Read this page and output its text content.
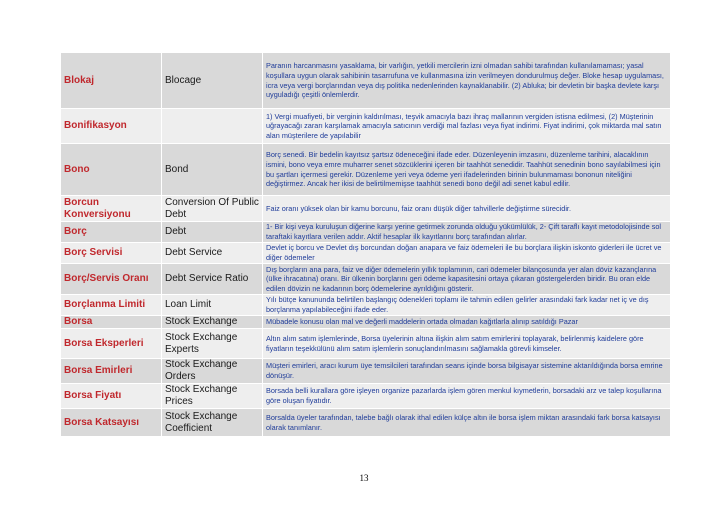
Blokaj	Blocage	Paranın harcanmasını yasaklama, bir varlığın, yetkili mercilerin izni olmadan sahibi tarafından kullanılamaması; yasal koşullara uygun olarak sahibinin tasarrufuna ve kullanmasına izin verilmeyen dondurulmuş değer. Bloke hesap uygulaması, icra veya vergi borçlarından veya dış politika nedenlerinden kaynaklanabilir. (2) Abluka; bir devletin bir başka devlete karşı uyguladığı çeşitli önlemlerdir.
Bonifikasyon		1) Vergi muafiyeti, bir verginin kaldırılması, teşvik amacıyla bazı ihraç mallarının vergiden istisna edilmesi, (2) Müşterinin uğrayacağı zararı karşılamak amacıyla satıcının verdiği mal fazlası veya fiyat indirimi. Fiyat indirimi, çok miktarda mal satın alan müşterilere de yapılabilir
Bono	Bond	Borç senedi. Bir bedelin kayıtsız şartsız ödeneceğini ifade eder. Düzenleyenin imzasını, düzenleme tarihini, alacaklının ismini, bono veya emre muharrer senet sözcüklerini içeren bir taahhüt senedidir. Taahhüt senedinin bono sayılabilmesi için bu şartları içermesi gerekir. Düzenleme yeri veya ödeme yeri ifadelerinden birinin bulunmaması bononun niteliğini değiştirmez. Ancak her ikisi de belirtilmemişse taahhüt senedi bono değil adi senet kabul edilir.
Borcun Konversiyonu	Conversion Of Public Debt	Faiz oranı yüksek olan bir kamu borcunu, faiz oranı düşük diğer tahvillerle değiştirme sürecidir.
Borç	Debt	1- Bir kişi veya kuruluşun diğerine karşı yerine getirmek zorunda olduğu yükümlülük, 2- Çift taraflı kayıt metodolojisinde sol taraftaki kayıtlara verilen addır. Aktif hesaplar ilk kayıtlarını borç tarafından alırlar.
Borç Servisi	Debt Service	Devlet iç borcu ve Devlet dış borcundan doğan anapara ve faiz ödemeleri ile bu borçlara ilişkin iskonto giderleri ile ücret ve diğer ödemeler
Borç/Servis Oranı	Debt Service Ratio	Dış borçların ana para, faiz ve diğer ödemelerin yıllık toplamının, cari ödemeler bilançosunda yer alan döviz kazançlarına (ülke ihracatına) oranı. Bir ülkenin borçlarını geri ödeme kapasitesini ortaya çıkaran göstergelerden biridir. Bu oran elde edilen dövizin ne kadarının borç ödemelerine ayrıldığını gösterir.
Borçlanma Limiti	Loan Limit	Yılı bütçe kanununda belirtilen başlangıç ödenekleri toplamı ile tahmin edilen gelirler arasındaki fark kadar net iç ve dış borçlanma yapılabileceğini ifade eder.
Borsa	Stock Exchange	Mübadele konusu olan mal ve değerli maddelerin ortada olmadan kağıtlarla alınıp satıldığı Pazar
Borsa Eksperleri	Stock Exchange Experts	Altın alım satım işlemlerinde, Borsa üyelerinin altına ilişkin alım satım emirlerini toplayarak, belirlenmiş kaidelere göre fiyatların teşekkülünü alım satım işlemlerin sonuçlandırılmasını sağlamakla görevli kimseler.
Borsa Emirleri	Stock Exchange Orders	Müşteri emirleri, aracı kurum üye temsilcileri tarafından seans içinde borsa bilgisayar sistemine aktarıldığında borsa emrine dönüşür.
Borsa Fiyatı	Stock Exchange Prices	Borsada belli kurallara göre işleyen organize pazarlarda işlem gören menkul kıymetlerin, borsadaki arz ve talep koşullarına göre oluşan fiyatıdır.
Borsa Katsayısı	Stock Exchange Coefficient	Borsalda üyeler tarafından, talebe bağlı olarak ithal edilen külçe altın ile borsa işlem miktarı arasındaki fark borsa katsayısı olarak tanımlanır.
13
